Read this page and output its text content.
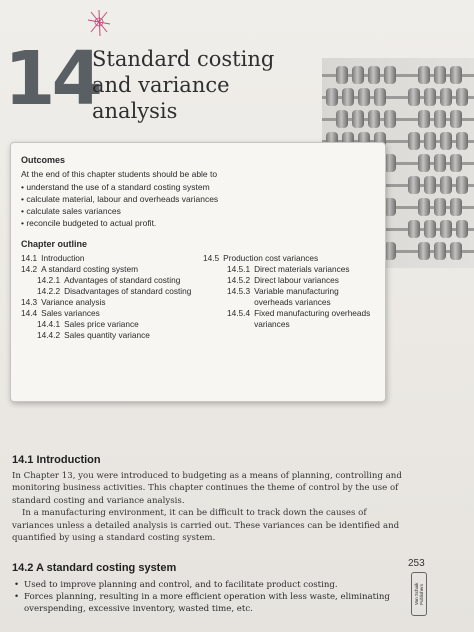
14
Standard costing
and variance
analysis
Outcomes
At the end of this chapter students should be able to
• understand the use of a standard costing system
• calculate material, labour and overheads variances
• calculate sales variances
• reconcile budgeted to actual profit.
Chapter outline
14.1 Introduction
14.2 A standard costing system
14.2.1 Advantages of standard costing
14.2.2 Disadvantages of standard costing
14.3 Variance analysis
14.4 Sales variances
14.4.1 Sales price variance
14.4.2 Sales quantity variance
14.5 Production cost variances
14.5.1 Direct materials variances
14.5.2 Direct labour variances
14.5.3 Variable manufacturing overheads variances
14.5.4 Fixed manufacturing overheads variances
14.1 Introduction

In Chapter 13, you were introduced to budgeting as a means of planning, controlling and monitoring business activities. This chapter continues the theme of control by the use of standard costing and variance analysis.

In a manufacturing environment, it can be difficult to track down the causes of variances unless a detailed analysis is carried out. These variances can be identified and quantified by using a standard costing system.

14.2 A standard costing system
• Used to improve planning and control, and to facilitate product costing.
• Forces planning, resulting in a more efficient operation with less waste, eliminating overspending, excessive inventory, wasted time, etc.
253
Van Schaik Publishers
